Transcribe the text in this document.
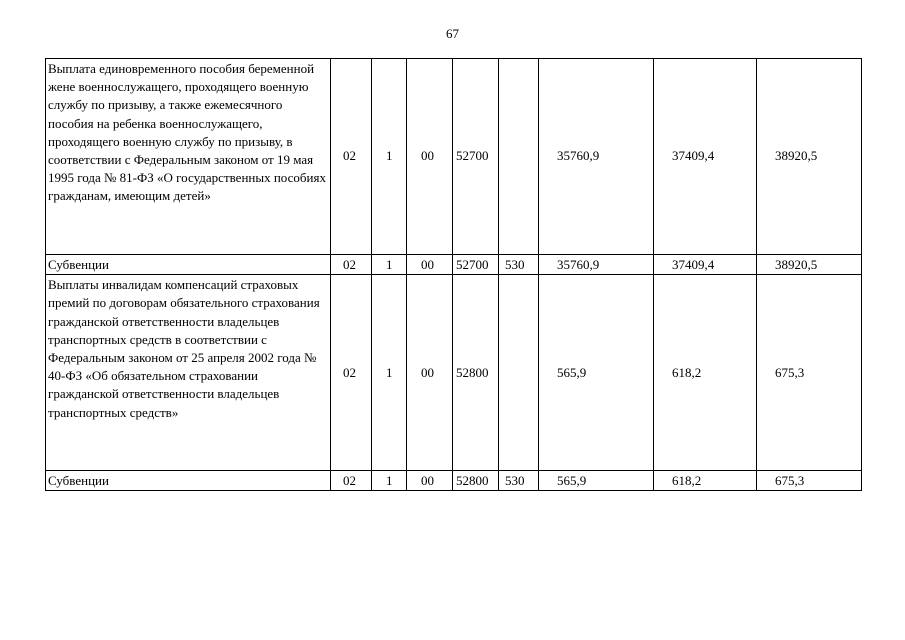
67
Выплата единовременного пособия беременной жене военнослужащего, проходящего военную службу по призыву, а также ежемесячного пособия на ребенка военнослужащего, проходящего военную службу по призыву, в соответствии с Федеральным законом от 19 мая 1995 года № 81-ФЗ «О государственных пособиях гражданам, имеющим детей»	02	1	00	52700		35760,9	37409,4	38920,5
Субвенции	02	1	00	52700	530	35760,9	37409,4	38920,5
Выплаты инвалидам компенсаций страховых премий по договорам обязательного страхования гражданской ответственности владельцев транспортных средств в соответствии с Федеральным законом от 25 апреля 2002 года № 40-ФЗ «Об обязательном страховании гражданской ответственности владельцев транспортных средств»	02	1	00	52800		565,9	618,2	675,3
Субвенции	02	1	00	52800	530	565,9	618,2	675,3
